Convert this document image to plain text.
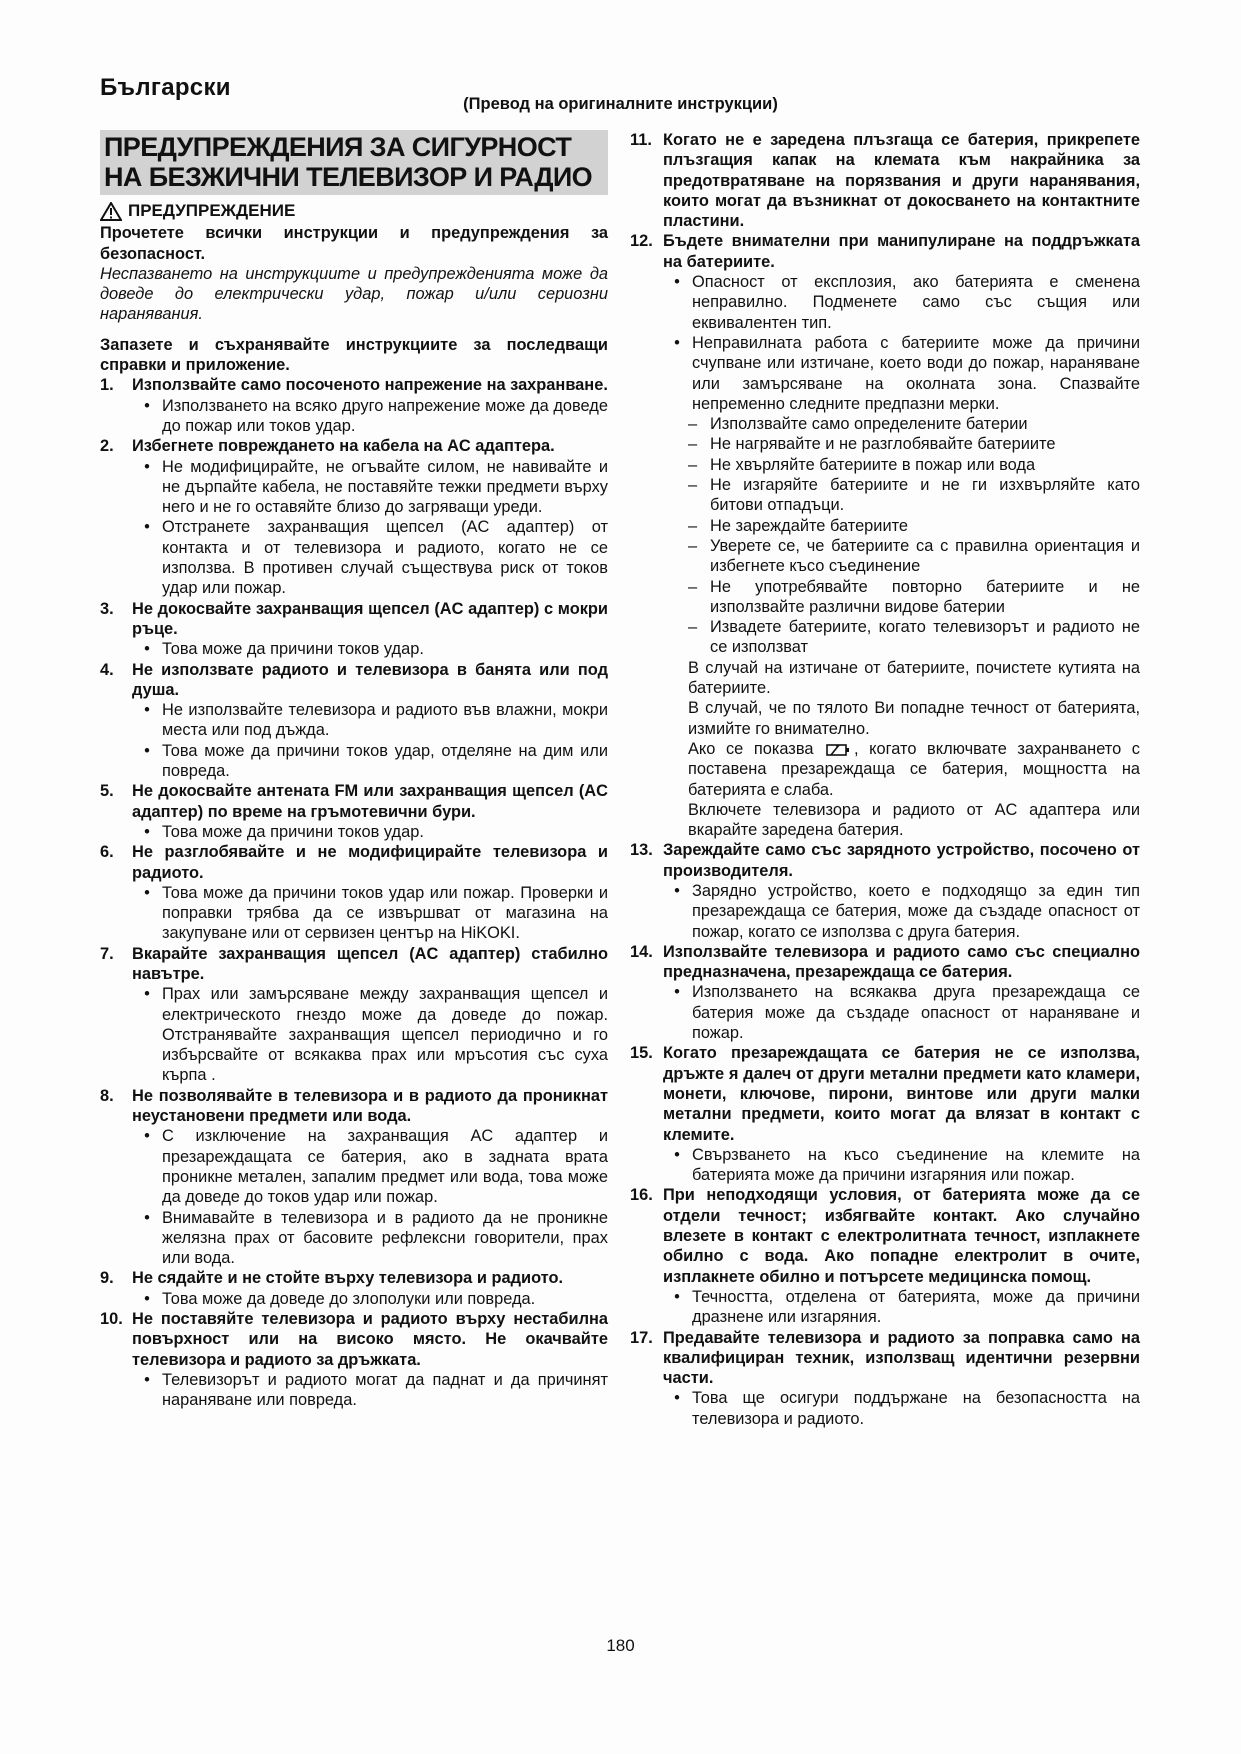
Български
(Превод на оригиналните инструкции)
ПРЕДУПРЕЖДЕНИЯ ЗА СИГУРНОСТ
НА БЕЗЖИЧНИ ТЕЛЕВИЗОР И РАДИО
ПРЕДУПРЕЖДЕНИЕ

Прочетете всички инструкции и предупреждения за безопасност.

Неспазването на инструкциите и предупрежденията може да доведе до електрически удар, пожар и/или сериозни наранявания.

Запазете и съхранявайте инструкциите за последващи справки и приложение.

1.	Използвайте само посоченото напрежение на захранване.
• Използването на всяко друго напрежение може да доведе до пожар или токов удар.
2.	Избегнете повреждането на кабела на AC адаптера.
• Не модифицирайте, не огъвайте силом, не навивайте и не дърпайте кабела, не поставяйте тежки предмети върху него и не го оставяйте близо до загряващи уреди.
• Отстранете захранващия щепсел (AC адаптер) от контакта и от телевизора и радиото, когато не се използва. В противен случай съществува риск от токов удар или пожар.
3.	Не докосвайте захранващия щепсел (AC адаптер) с мокри ръце.
• Това може да причини токов удар.
4.	Не използвате радиото и телевизора в банята или под душа.
• Не използвайте телевизора и радиото във влажни, мокри места или под дъжда.
• Това може да причини токов удар, отделяне на дим или повреда.
5.	Не докосвайте антената FM или захранващия щепсел (AC адаптер) по време на гръмотевични бури.
• Това може да причини токов удар.
6.	Не разглобявайте и не модифицирайте телевизора и радиото.
• Това може да причини токов удар или пожар. Проверки и поправки трябва да се извършват от магазина на закупуване или от сервизен център на HiKOKI.
7.	Вкарайте захранващия щепсел (AC адаптер) стабилно навътре.
• Прах или замърсяване между захранващия щепсел и електрическото гнездо може да доведе до пожар. Отстранявайте захранващия щепсел периодично и го избърсвайте от всякаква прах или мръсотия със суха кърпа .
8.	Не позволявайте в телевизора и в радиото да проникнат неустановени предмети или вода.
• С изключение на захранващия AC адаптер и презареждащата се батерия, ако в задната врата проникне метален, запалим предмет или вода, това може да доведе до токов удар или пожар.
• Внимавайте в телевизора и в радиото да не проникне желязна прах от басовите рефлексни говорители, прах или вода.
9.	Не сядайте и не стойте върху телевизора и радиото.
• Това може да доведе до злополуки или повреда.
10. Не поставяйте телевизора и радиото върху нестабилна повърхност или на високо място. Не окачвайте телевизора и радиото за дръжката.
• Телевизорът и радиото могат да паднат и да причинят нараняване или повреда.
11. Когато не е заредена плъзгаща се батерия, прикрепете плъзгащия капак на клемата към накрайника за предотвратяване на порязвания и други наранявания, които могат да възникнат от докосването на контактните пластини.
12. Бъдете внимателни при манипулиране на поддръжката на батериите.
• Опасност от експлозия, ако батерията е сменена неправилно. Подменете само със същия или еквивалентен тип.
• Неправилната работа с батериите може да причини счупване или изтичане, което води до пожар, нараняване или замърсяване на околната зона. Спазвайте непременно следните предпазни мерки.
– Използвайте само определените батерии
– Не нагрявайте и не разглобявайте батериите
– Не хвърляйте батериите в пожар или вода
– Не изгаряйте батериите и не ги изхвърляйте като битови отпадъци.
– Не зареждайте батериите
– Уверете се, че батериите са с правилна ориентация и избегнете късо съединение
– Не употребявайте повторно батериите и не използвайте различни видове батерии
– Извадете батериите, когато телевизорът и радиото не се използват

В случай на изтичане от батериите, почистете кутията на батериите.

В случай, че по тялото Ви попадне течност от батерията, измийте го внимателно.

Ако се показва , когато включвате захранването с поставена презареждаща се батерия, мощността на батерията е слаба.

Включете телевизора и радиото от AC адаптера или вкарайте заредена батерия.

13. Зареждайте само със зарядното устройство, посочено от производителя.
• Зарядно устройство, което е подходящо за един тип презареждаща се батерия, може да създаде опасност от пожар, когато се използва с друга батерия.
14. Използвайте телевизора и радиото само със специално предназначена, презареждаща се батерия.
• Използването на всякаква друга презареждаща се батерия може да създаде опасност от нараняване и пожар.
15. Когато презареждащата се батерия не се използва, дръжте я далеч от други метални предмети като кламери, монети, ключове, пирони, винтове или други малки метални предмети, които могат да влязат в контакт с клемите.
• Свързването на късо съединение на клемите на батерията може да причини изгаряния или пожар.
16. При неподходящи условия, от батерията може да се отдели течност; избягвайте контакт. Ако случайно влезете в контакт с електролитната течност, изплакнете обилно с вода. Ако попадне електролит в очите, изплакнете обилно и потърсете медицинска помощ.
• Течността, отделена от батерията, може да причини дразнене или изгаряния.
17. Предавайте телевизора и радиото за поправка само на квалифициран техник, използващ идентични резервни части.
• Това ще осигури поддържане на безопасността на телевизора и радиото.
180
